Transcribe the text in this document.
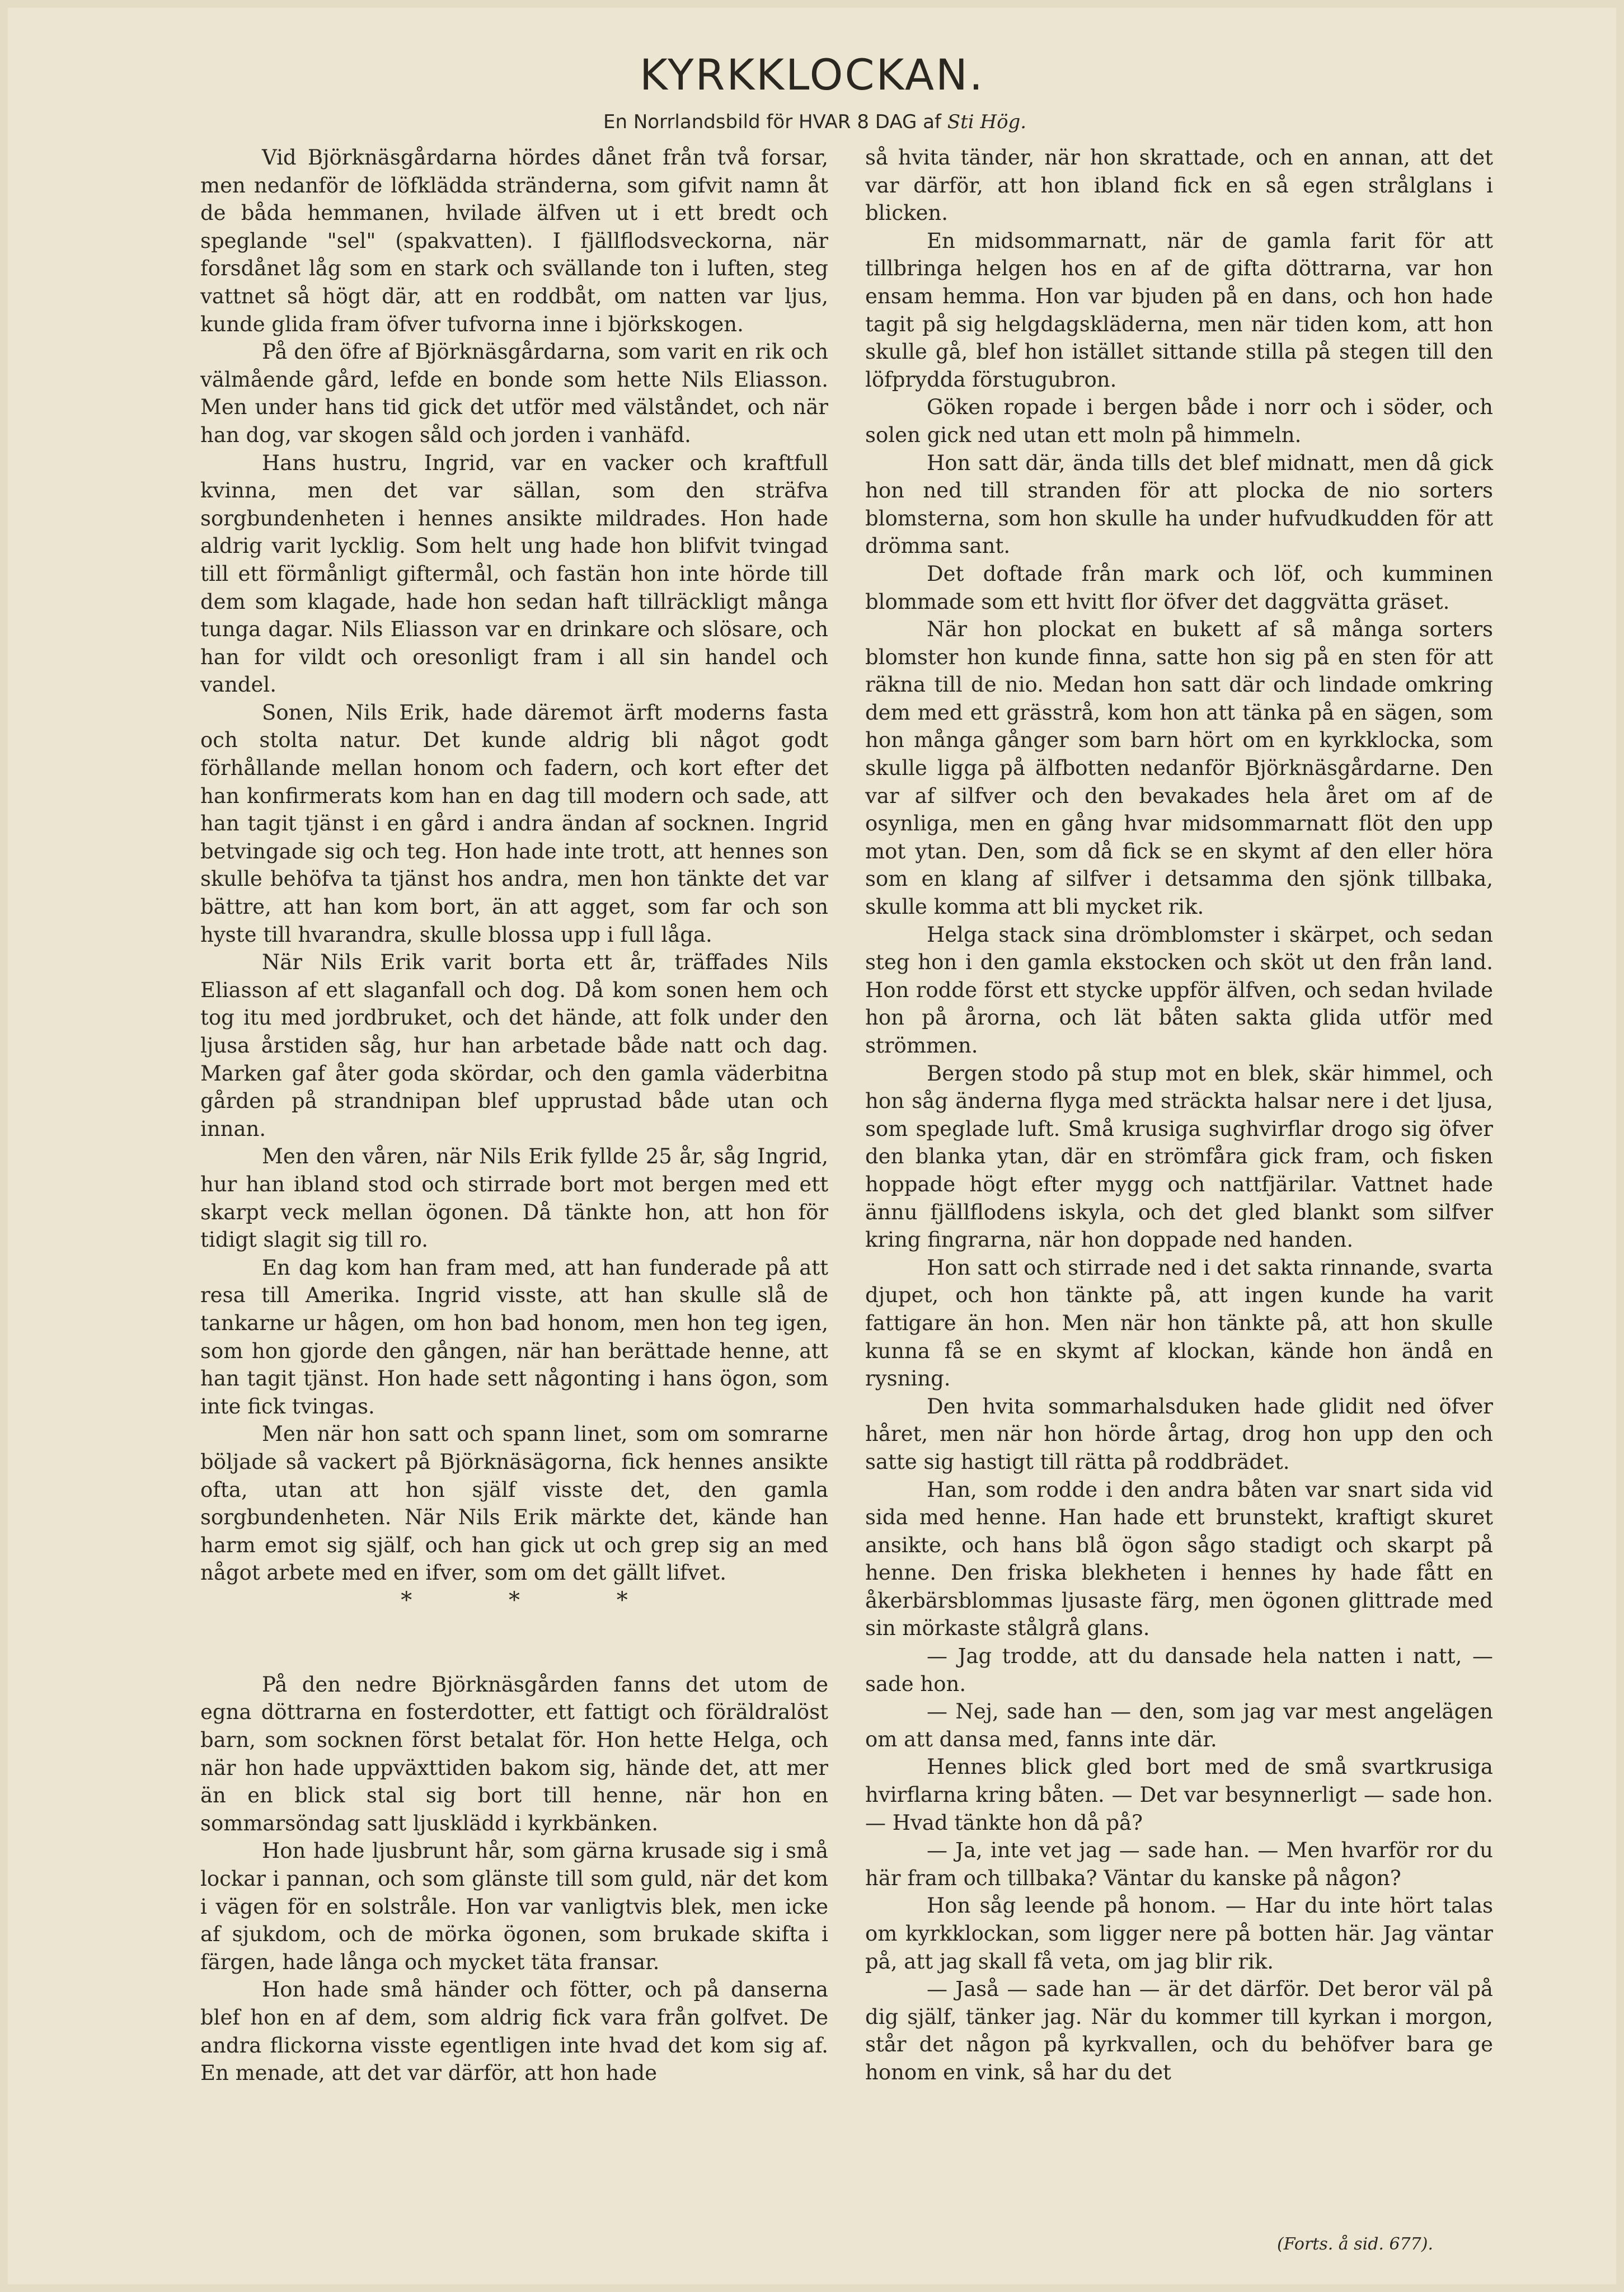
KYRKKLOCKAN.
En Norrlandsbild för HVAR 8 DAG af Sti Hög.

Vid Björknäsgårdarna hördes dånet från två forsar, men nedanför de löfklädda stränderna, som gifvit namn åt de båda hemmanen, hvilade älfven ut i ett bredt och speglande "sel" (spakvatten). I fjällflodsveckorna, när forsdånet låg som en stark och svällande ton i luften, steg vattnet så högt där, att en roddbåt, om natten var ljus, kunde glida fram öfver tufvorna inne i björkskogen.

På den öfre af Björknäsgårdarna, som varit en rik och välmående gård, lefde en bonde som hette Nils Eliasson. Men under hans tid gick det utför med välståndet, och när han dog, var skogen såld och jorden i vanhäfd.

Hans hustru, Ingrid, var en vacker och kraftfull kvinna, men det var sällan, som den sträfva sorgbundenheten i hennes ansikte mildrades. Hon hade aldrig varit lycklig. Som helt ung hade hon blifvit tvingad till ett förmånligt giftermål, och fastän hon inte hörde till dem som klagade, hade hon sedan haft tillräckligt många tunga dagar. Nils Eliasson var en drinkare och slösare, och han for vildt och oresonligt fram i all sin handel och vandel.

Sonen, Nils Erik, hade däremot ärft moderns fasta och stolta natur. Det kunde aldrig bli något godt förhållande mellan honom och fadern, och kort efter det han konfirmerats kom han en dag till modern och sade, att han tagit tjänst i en gård i andra ändan af socknen. Ingrid betvingade sig och teg. Hon hade inte trott, att hennes son skulle behöfva ta tjänst hos andra, men hon tänkte det var bättre, att han kom bort, än att agget, som far och son hyste till hvarandra, skulle blossa upp i full låga.

När Nils Erik varit borta ett år, träffades Nils Eliasson af ett slaganfall och dog. Då kom sonen hem och tog itu med jordbruket, och det hände, att folk under den ljusa årstiden såg, hur han arbetade både natt och dag. Marken gaf åter goda skördar, och den gamla väderbitna gården på strandnipan blef upprustad både utan och innan.

Men den våren, när Nils Erik fyllde 25 år, såg Ingrid, hur han ibland stod och stirrade bort mot bergen med ett skarpt veck mellan ögonen. Då tänkte hon, att hon för tidigt slagit sig till ro.

En dag kom han fram med, att han funderade på att resa till Amerika. Ingrid visste, att han skulle slå de tankarne ur hågen, om hon bad honom, men hon teg igen, som hon gjorde den gången, när han berättade henne, att han tagit tjänst. Hon hade sett någonting i hans ögon, som inte fick tvingas.

Men när hon satt och spann linet, som om somrarne böljade så vackert på Björknäsägorna, fick hennes ansikte ofta, utan att hon själf visste det, den gamla sorgbundenheten. När Nils Erik märkte det, kände han harm emot sig själf, och han gick ut och grep sig an med något arbete med en ifver, som om det gällt lifvet.

* * *

På den nedre Björknäsgården fanns det utom de egna döttrarna en fosterdotter, ett fattigt och föräldralöst barn, som socknen först betalat för. Hon hette Helga, och när hon hade uppväxttiden bakom sig, hände det, att mer än en blick stal sig bort till henne, när hon en sommarsöndag satt ljusklädd i kyrkbänken.

Hon hade ljusbrunt hår, som gärna krusade sig i små lockar i pannan, och som glänste till som guld, när det kom i vägen för en solstråle. Hon var vanligtvis blek, men icke af sjukdom, och de mörka ögonen, som brukade skifta i färgen, hade långa och mycket täta fransar.

Hon hade små händer och fötter, och på danserna blef hon en af dem, som aldrig fick vara från golfvet. De andra flickorna visste egentligen inte hvad det kom sig af. En menade, att det var därför, att hon hade

så hvita tänder, när hon skrattade, och en annan, att det var därför, att hon ibland fick en så egen strålglans i blicken.

En midsommarnatt, när de gamla farit för att tillbringa helgen hos en af de gifta döttrarna, var hon ensam hemma. Hon var bjuden på en dans, och hon hade tagit på sig helgdagskläderna, men när tiden kom, att hon skulle gå, blef hon istället sittande stilla på stegen till den löfprydda förstugubron.

Göken ropade i bergen både i norr och i söder, och solen gick ned utan ett moln på himmeln.

Hon satt där, ända tills det blef midnatt, men då gick hon ned till stranden för att plocka de nio sorters blomsterna, som hon skulle ha under hufvudkudden för att drömma sant.

Det doftade från mark och löf, och kumminen blommade som ett hvitt flor öfver det daggvätta gräset.

När hon plockat en bukett af så många sorters blomster hon kunde finna, satte hon sig på en sten för att räkna till de nio. Medan hon satt där och lindade omkring dem med ett grässtrå, kom hon att tänka på en sägen, som hon många gånger som barn hört om en kyrkklocka, som skulle ligga på älfbotten nedanför Björknäsgårdarne. Den var af silfver och den bevakades hela året om af de osynliga, men en gång hvar midsommarnatt flöt den upp mot ytan. Den, som då fick se en skymt af den eller höra som en klang af silfver i detsamma den sjönk tillbaka, skulle komma att bli mycket rik.

Helga stack sina drömblomster i skärpet, och sedan steg hon i den gamla ekstocken och sköt ut den från land. Hon rodde först ett stycke uppför älfven, och sedan hvilade hon på årorna, och lät båten sakta glida utför med strömmen.

Bergen stodo på stup mot en blek, skär himmel, och hon såg änderna flyga med sträckta halsar nere i det ljusa, som speglade luft. Små krusiga sughvirflar drogo sig öfver den blanka ytan, där en strömfåra gick fram, och fisken hoppade högt efter mygg och nattfjärilar. Vattnet hade ännu fjällflodens iskyla, och det gled blankt som silfver kring fingrarna, när hon doppade ned handen.

Hon satt och stirrade ned i det sakta rinnande, svarta djupet, och hon tänkte på, att ingen kunde ha varit fattigare än hon. Men när hon tänkte på, att hon skulle kunna få se en skymt af klockan, kände hon ändå en rysning.

Den hvita sommarhalsduken hade glidit ned öfver håret, men när hon hörde årtag, drog hon upp den och satte sig hastigt till rätta på roddbrädet.

Han, som rodde i den andra båten var snart sida vid sida med henne. Han hade ett brunstekt, kraftigt skuret ansikte, och hans blå ögon sågo stadigt och skarpt på henne. Den friska blekheten i hennes hy hade fått en åkerbärsblommas ljusaste färg, men ögonen glittrade med sin mörkaste stålgrå glans.

— Jag trodde, att du dansade hela natten i natt, — sade hon.

— Nej, sade han — den, som jag var mest angelägen om att dansa med, fanns inte där.

Hennes blick gled bort med de små svartkrusiga hvirflarna kring båten. — Det var besynnerligt — sade hon. — Hvad tänkte hon då på?

— Ja, inte vet jag — sade han. — Men hvarför ror du här fram och tillbaka? Väntar du kanske på någon?

Hon såg leende på honom. — Har du inte hört talas om kyrkklockan, som ligger nere på botten här. Jag väntar på, att jag skall få veta, om jag blir rik.

— Jaså — sade han — är det därför. Det beror väl på dig själf, tänker jag. När du kommer till kyrkan i morgon, står det någon på kyrkvallen, och du behöfver bara ge honom en vink, så har du det

(Forts. å sid. 677).
